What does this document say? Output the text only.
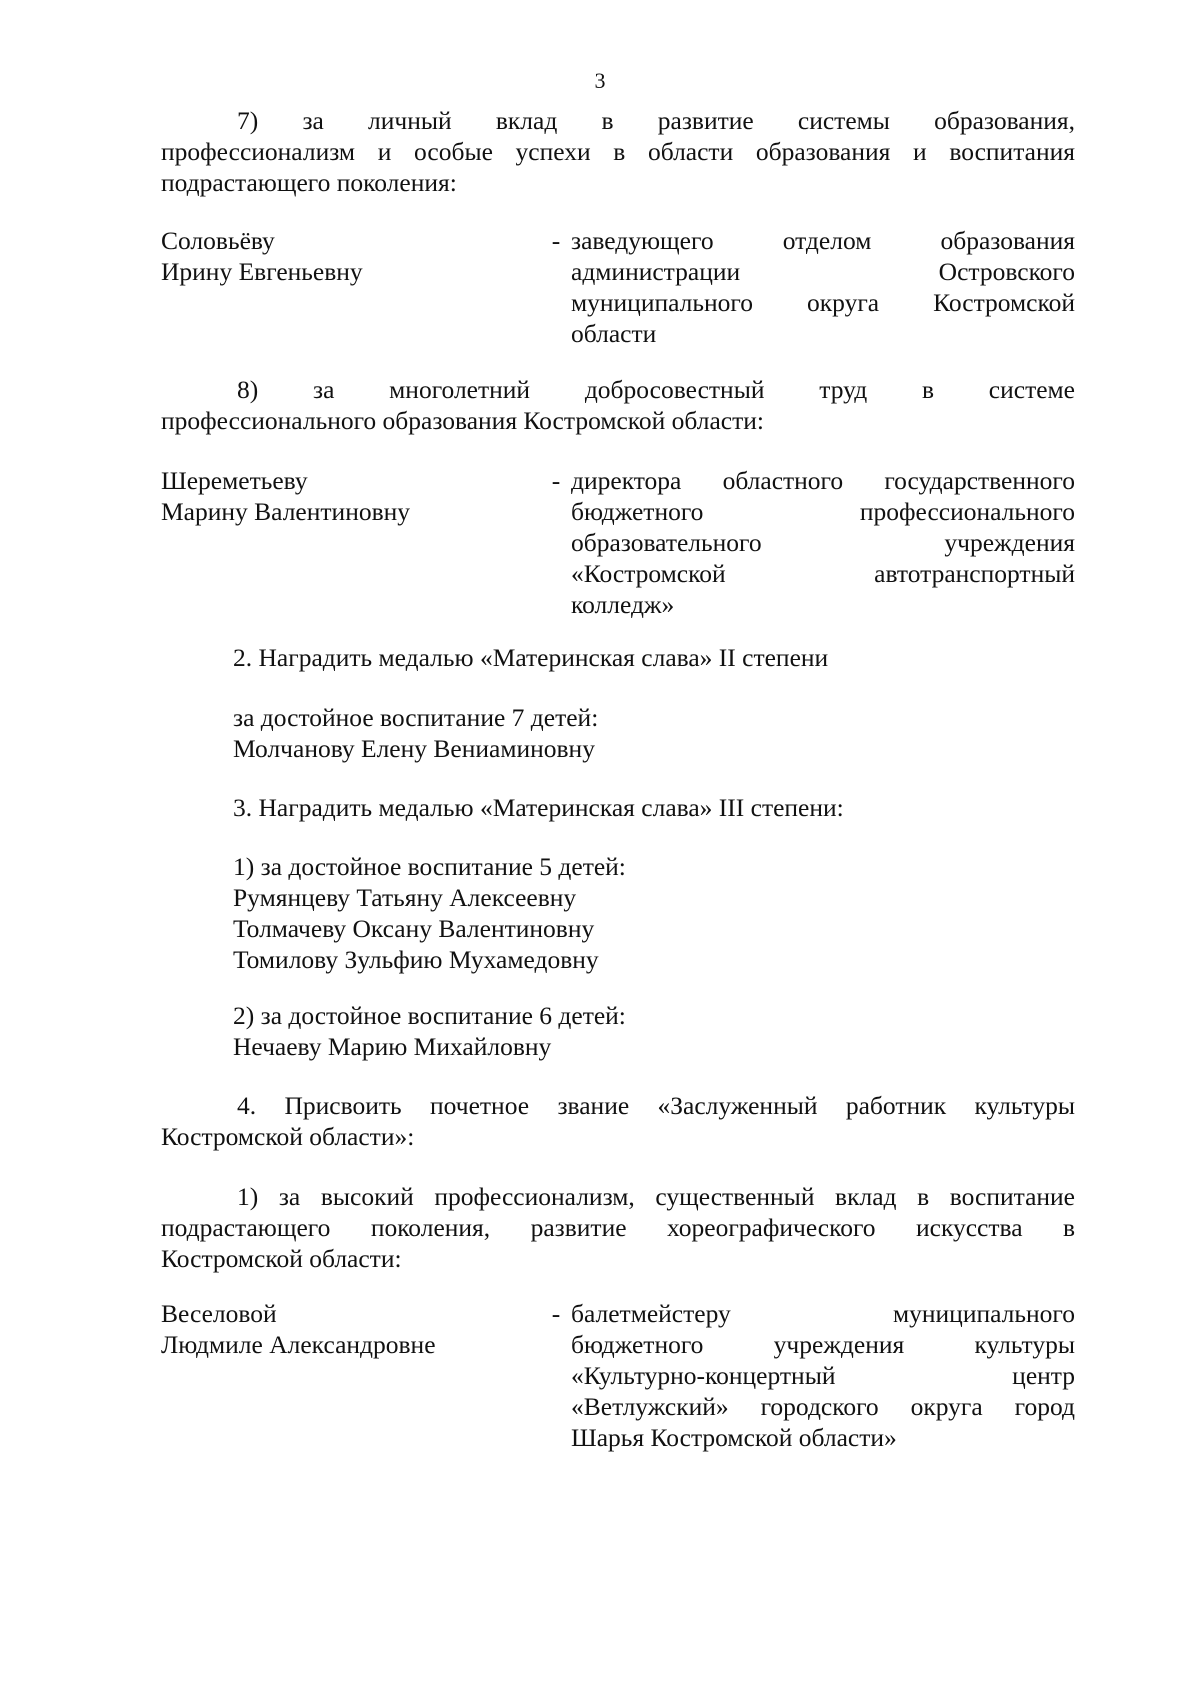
3
7) за личный вклад в развитие системы образования,
профессионализм и особые успехи в области образования и воспитания
подрастающего поколения:
Соловьёву
Ирину Евгеньевну
- заведующего отделом образования
администрации Островского
муниципального округа Костромской
области
8) за многолетний добросовестный труд в системе
профессионального образования Костромской области:
Шереметьеву
Марину Валентиновну
- директора областного государственного
бюджетного профессионального
образовательного учреждения
«Костромской автотранспортный
колледж»
2. Наградить медалью «Материнская слава» II степени
за достойное воспитание 7 детей:
Молчанову Елену Вениаминовну
3. Наградить медалью «Материнская слава» III степени:
1) за достойное воспитание 5 детей:
Румянцеву Татьяну Алексеевну
Толмачеву Оксану Валентиновну
Томилову Зульфию Мухамедовну
2) за достойное воспитание 6 детей:
Нечаеву Марию Михайловну
4. Присвоить почетное звание «Заслуженный работник культуры
Костромской области»:
1) за высокий профессионализм, существенный вклад в воспитание
подрастающего поколения, развитие хореографического искусства в
Костромской области:
Веселовой
Людмиле Александровне
- балетмейстеру муниципального
бюджетного учреждения культуры
«Культурно-концертный центр
«Ветлужский» городского округа город
Шарья Костромской области»
